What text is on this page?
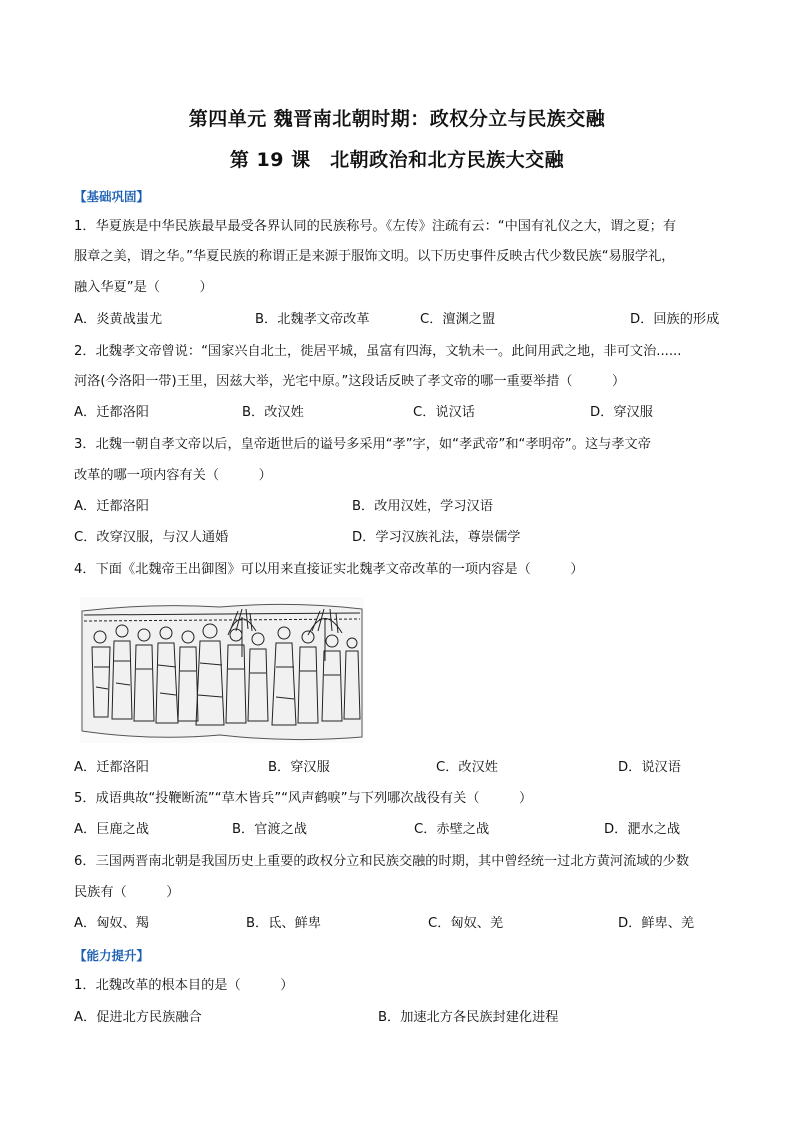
第四单元 魏晋南北朝时期：政权分立与民族交融
第 19 课　北朝政治和北方民族大交融
【基础巩固】
1．华夏族是中华民族最早最受各界认同的民族称号。《左传》注疏有云：“中国有礼仪之大，谓之夏；有
服章之美，谓之华。”华夏民族的称谓正是来源于服饰文明。以下历史事件反映古代少数民族“易服学礼，
融入华夏”是（　　　）
A．炎黄战蚩尤	B．北魏孝文帝改革	C．澶渊之盟	D．回族的形成
2．北魏孝文帝曾说：“国家兴自北土，徙居平城，虽富有四海，文轨未一。此间用武之地，非可文治......
河洛(今洛阳一带)王里，因兹大举，光宅中原。”这段话反映了孝文帝的哪一重要举措（　　　）
A．迁都洛阳	B．改汉姓	C．说汉话	D．穿汉服
3．北魏一朝自孝文帝以后，皇帝逝世后的谥号多采用“孝”字，如“孝武帝”和“孝明帝”。这与孝文帝
改革的哪一项内容有关（　　　）
A．迁都洛阳	B．改用汉姓，学习汉语
C．改穿汉服，与汉人通婚	D．学习汉族礼法，尊崇儒学
4．下面《北魏帝王出御图》可以用来直接证实北魏孝文帝改革的一项内容是（　　　）
A．迁都洛阳	B．穿汉服	C．改汉姓	D．说汉语
5．成语典故“投鞭断流”“草木皆兵”“风声鹤唳”与下列哪次战役有关（　　　）
A．巨鹿之战	B．官渡之战	C．赤壁之战	D．淝水之战
6．三国两晋南北朝是我国历史上重要的政权分立和民族交融的时期，其中曾经统一过北方黄河流域的少数
民族有（　　　）
A．匈奴、羯	B．氐、鲜卑	C．匈奴、羌	D．鲜卑、羌
【能力提升】
1．北魏改革的根本目的是（　　　）
A．促进北方民族融合	B．加速北方各民族封建化进程
